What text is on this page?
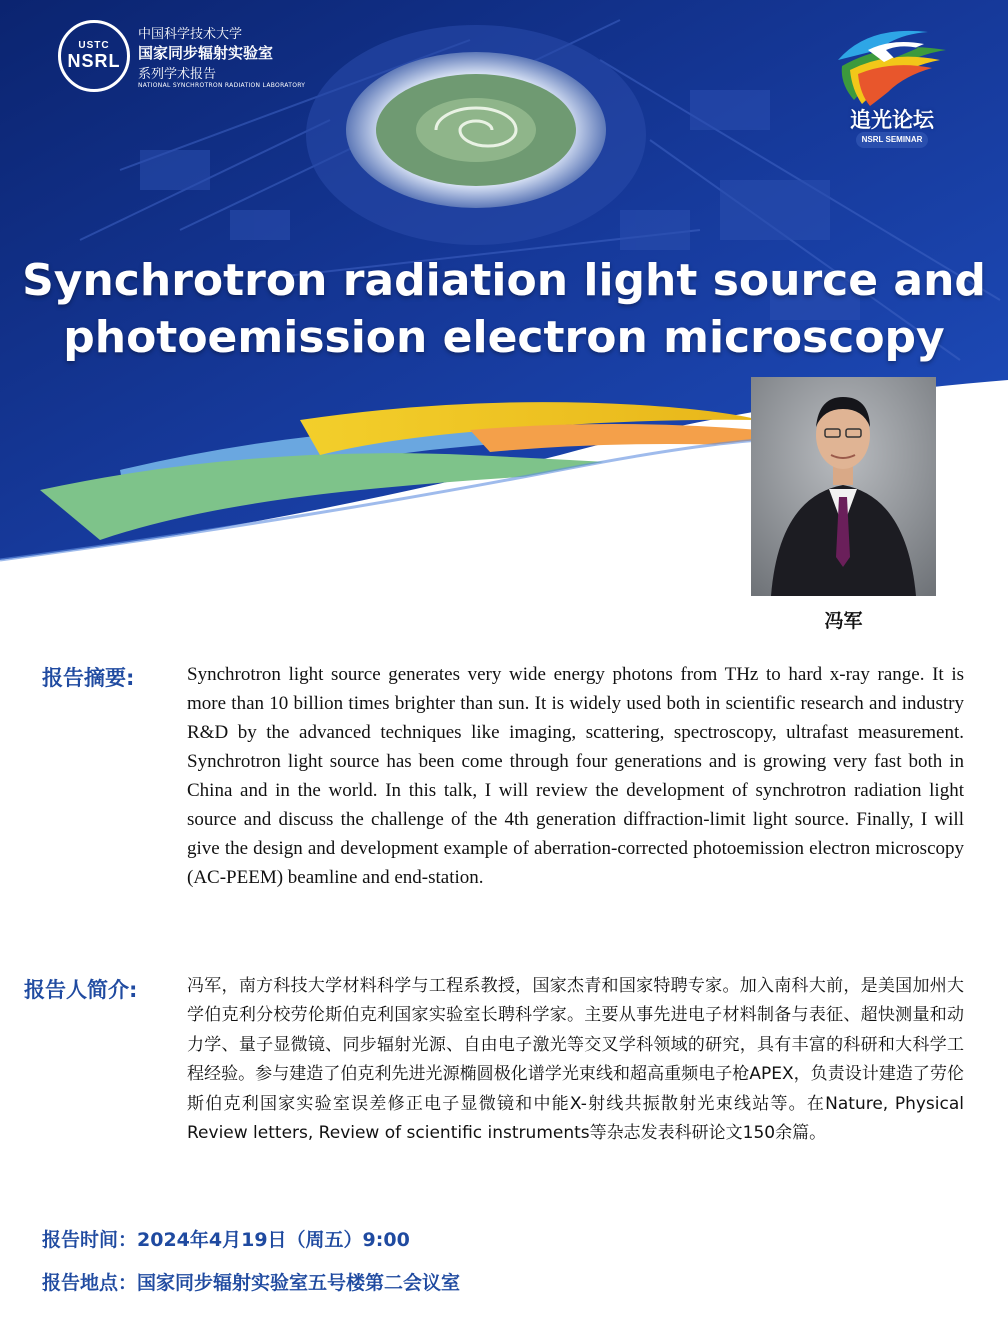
USTC
NSRL
中国科学技术大学
国家同步辐射实验室
系列学术报告
NATIONAL SYNCHROTRON RADIATION LABORATORY
追光论坛
NSRL SEMINAR
Synchrotron radiation light source and
photoemission electron microscopy
冯军
报告摘要:	Synchrotron light source generates very wide energy photons from THz to hard x-ray range. It is more than 10 billion times brighter than sun. It is widely used both in scientific research and industry R&D by the advanced techniques like imaging, scattering, spectroscopy, ultrafast measurement. Synchrotron light source has been come through four generations and is growing very fast both in China and in the world. In this talk, I will review the development of synchrotron radiation light source and discuss the challenge of the 4th generation diffraction-limit light source. Finally, I will give the design and development example of aberration-corrected photoemission electron microscopy (AC-PEEM) beamline and end-station.
报告人简介:	冯军，南方科技大学材料科学与工程系教授，国家杰青和国家特聘专家。加入南科大前，是美国加州大学伯克利分校劳伦斯伯克利国家实验室长聘科学家。主要从事先进电子材料制备与表征、超快测量和动力学、量子显微镜、同步辐射光源、自由电子激光等交叉学科领域的研究，具有丰富的科研和大科学工程经验。参与建造了伯克利先进光源椭圆极化谱学光束线和超高重频电子枪APEX，负责设计建造了劳伦斯伯克利国家实验室误差修正电子显微镜和中能X-射线共振散射光束线站等。在Nature, Physical Review letters, Review of scientific instruments等杂志发表科研论文150余篇。
报告时间：2024年4月19日（周五）9:00
报告地点：国家同步辐射实验室五号楼第二会议室
